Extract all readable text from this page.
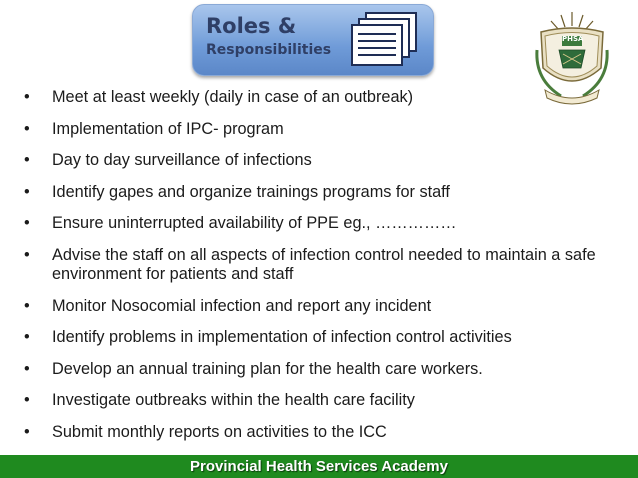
Roles &
Responsibilities
PHSA
• Meet at least weekly (daily in case of an outbreak)
• Implementation of IPC- program
• Day to day surveillance of infections
• Identify gapes and organize trainings programs for staff
• Ensure uninterrupted availability of PPE eg., ……………
• Advise the staff on all aspects of infection control needed to maintain a safe environment for patients and staff
• Monitor Nosocomial infection and report any incident
• Identify problems in implementation of infection control activities
• Develop an annual training plan for the health care workers.
• Investigate outbreaks within the health care facility
• Submit monthly reports on activities to the ICC
Provincial Health Services Academy
